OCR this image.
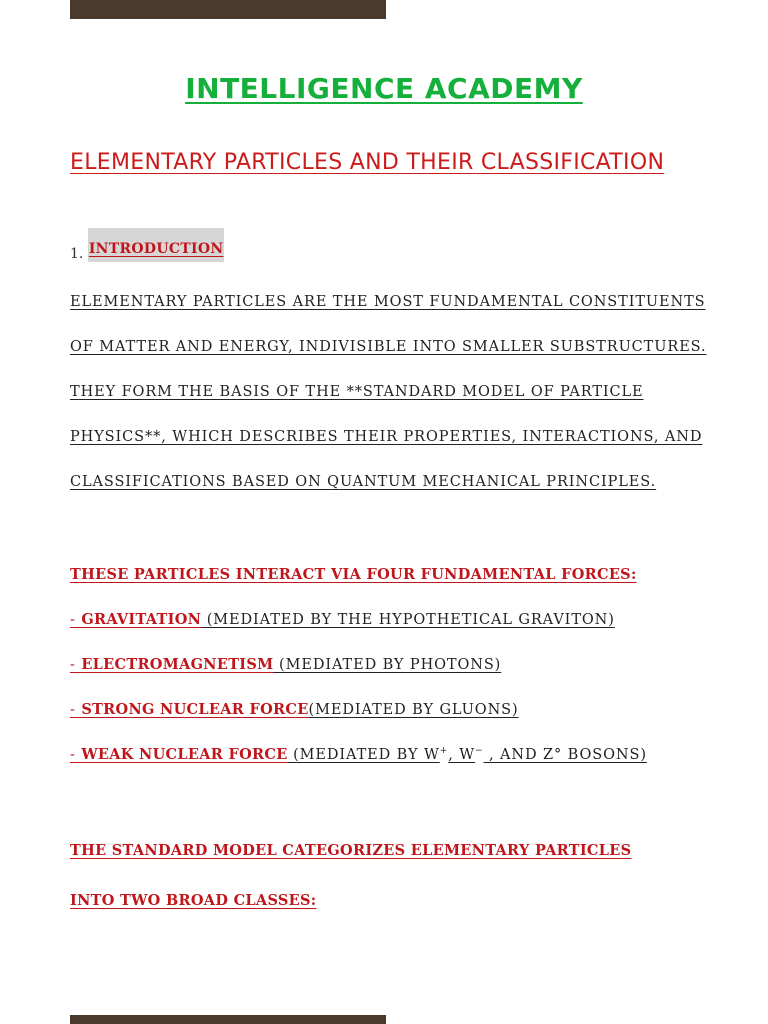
INTELLIGENCE ACADEMY
ELEMENTARY PARTICLES AND THEIR CLASSIFICATION
1. INTRODUCTION
ELEMENTARY PARTICLES ARE THE MOST FUNDAMENTAL CONSTITUENTS
OF MATTER AND ENERGY, INDIVISIBLE INTO SMALLER SUBSTRUCTURES.
THEY FORM THE BASIS OF THE **STANDARD MODEL OF PARTICLE
PHYSICS**, WHICH DESCRIBES THEIR PROPERTIES, INTERACTIONS, AND
CLASSIFICATIONS BASED ON QUANTUM MECHANICAL PRINCIPLES.
THESE PARTICLES INTERACT VIA FOUR FUNDAMENTAL FORCES:
- GRAVITATION (MEDIATED BY THE HYPOTHETICAL GRAVITON)
- ELECTROMAGNETISM (MEDIATED BY PHOTONS)
- STRONG NUCLEAR FORCE(MEDIATED BY GLUONS)
- WEAK NUCLEAR FORCE (MEDIATED BY W+, W− , AND Z° BOSONS)
THE STANDARD MODEL CATEGORIZES ELEMENTARY PARTICLES
INTO TWO BROAD CLASSES:
